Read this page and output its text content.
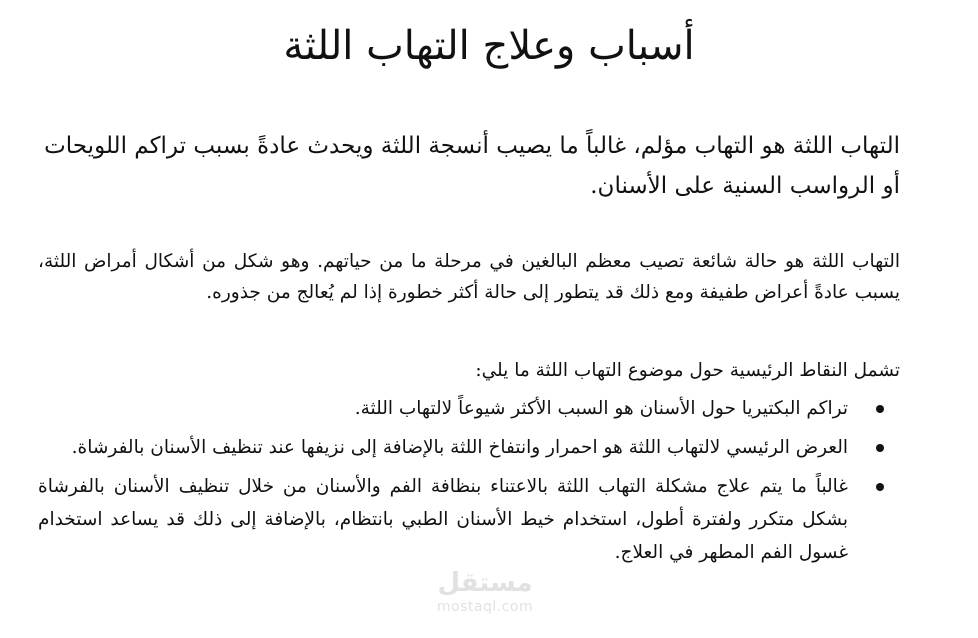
أسباب وعلاج التهاب اللثة

التهاب اللثة هو التهاب مؤلم، غالباً ما يصيب أنسجة اللثة ويحدث عادةً بسبب تراكم اللويحات أو الرواسب السنية على الأسنان.

التهاب اللثة هو حالة شائعة تصيب معظم البالغين في مرحلة ما من حياتهم. وهو شكل من أشكال أمراض اللثة، يسبب عادةً أعراض طفيفة ومع ذلك قد يتطور إلى حالة أكثر خطورة إذا لم يُعالج من جذوره.

تشمل النقاط الرئيسية حول موضوع التهاب اللثة ما يلي:

تراكم البكتيريا حول الأسنان هو السبب الأكثر شيوعاً لالتهاب اللثة.
العرض الرئيسي لالتهاب اللثة هو احمرار وانتفاخ اللثة بالإضافة إلى نزيفها عند تنظيف الأسنان بالفرشاة.
غالباً ما يتم علاج مشكلة التهاب اللثة بالاعتناء بنظافة الفم والأسنان من خلال تنظيف الأسنان بالفرشاة بشكل متكرر ولفترة أطول، استخدام خيط الأسنان الطبي بانتظام، بالإضافة إلى ذلك قد يساعد استخدام غسول الفم المطهر في العلاج.
مستقل
mostaql.com
